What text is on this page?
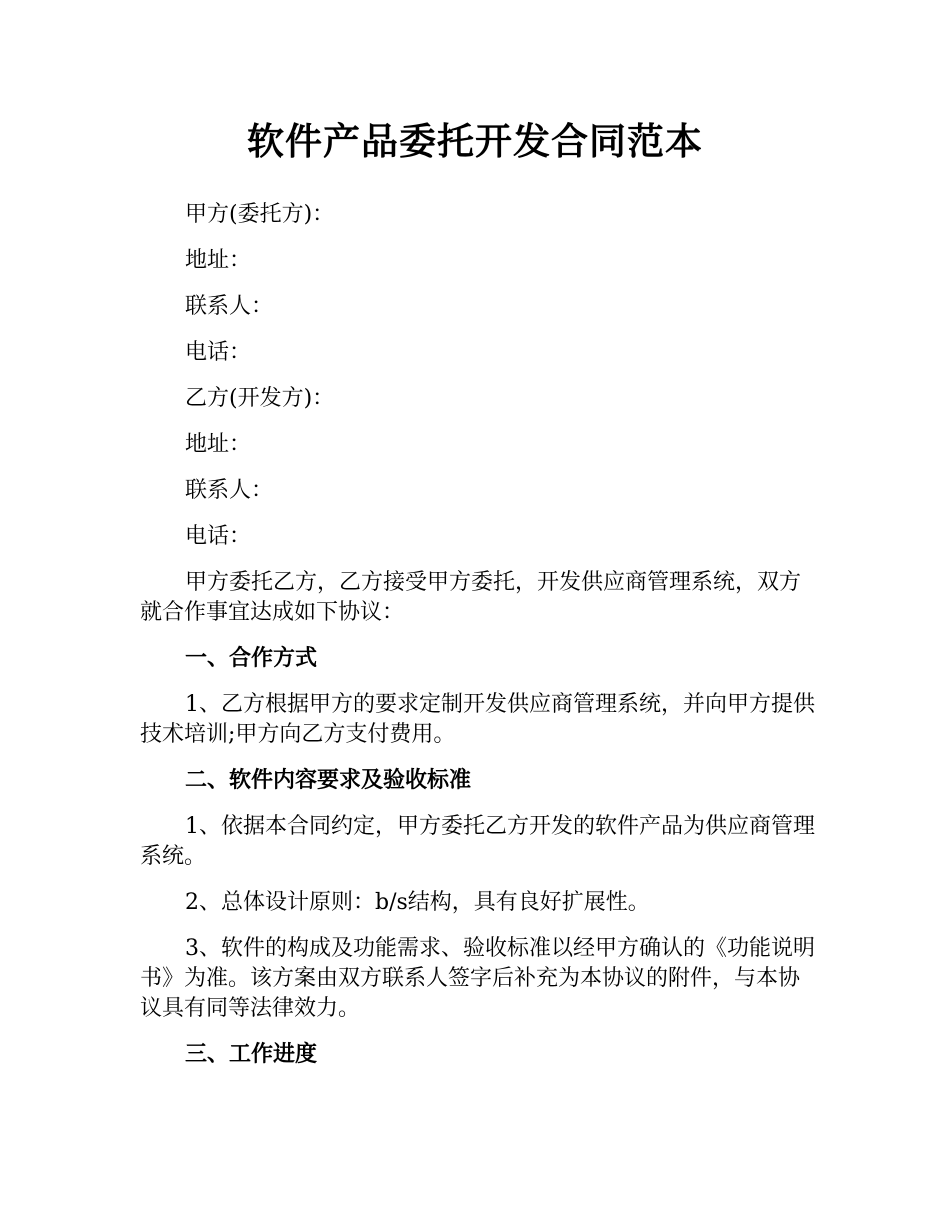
软件产品委托开发合同范本
甲方(委托方)：
地址：
联系人：
电话：
乙方(开发方)：
地址：
联系人：
电话：
甲方委托乙方，乙方接受甲方委托，开发供应商管理系统，双方就合作事宜达成如下协议：
一、合作方式
1、乙方根据甲方的要求定制开发供应商管理系统，并向甲方提供技术培训;甲方向乙方支付费用。
二、软件内容要求及验收标准
1、依据本合同约定，甲方委托乙方开发的软件产品为供应商管理系统。
2、总体设计原则：b/s结构，具有良好扩展性。
3、软件的构成及功能需求、验收标准以经甲方确认的《功能说明书》为准。该方案由双方联系人签字后补充为本协议的附件，与本协议具有同等法律效力。
三、工作进度
